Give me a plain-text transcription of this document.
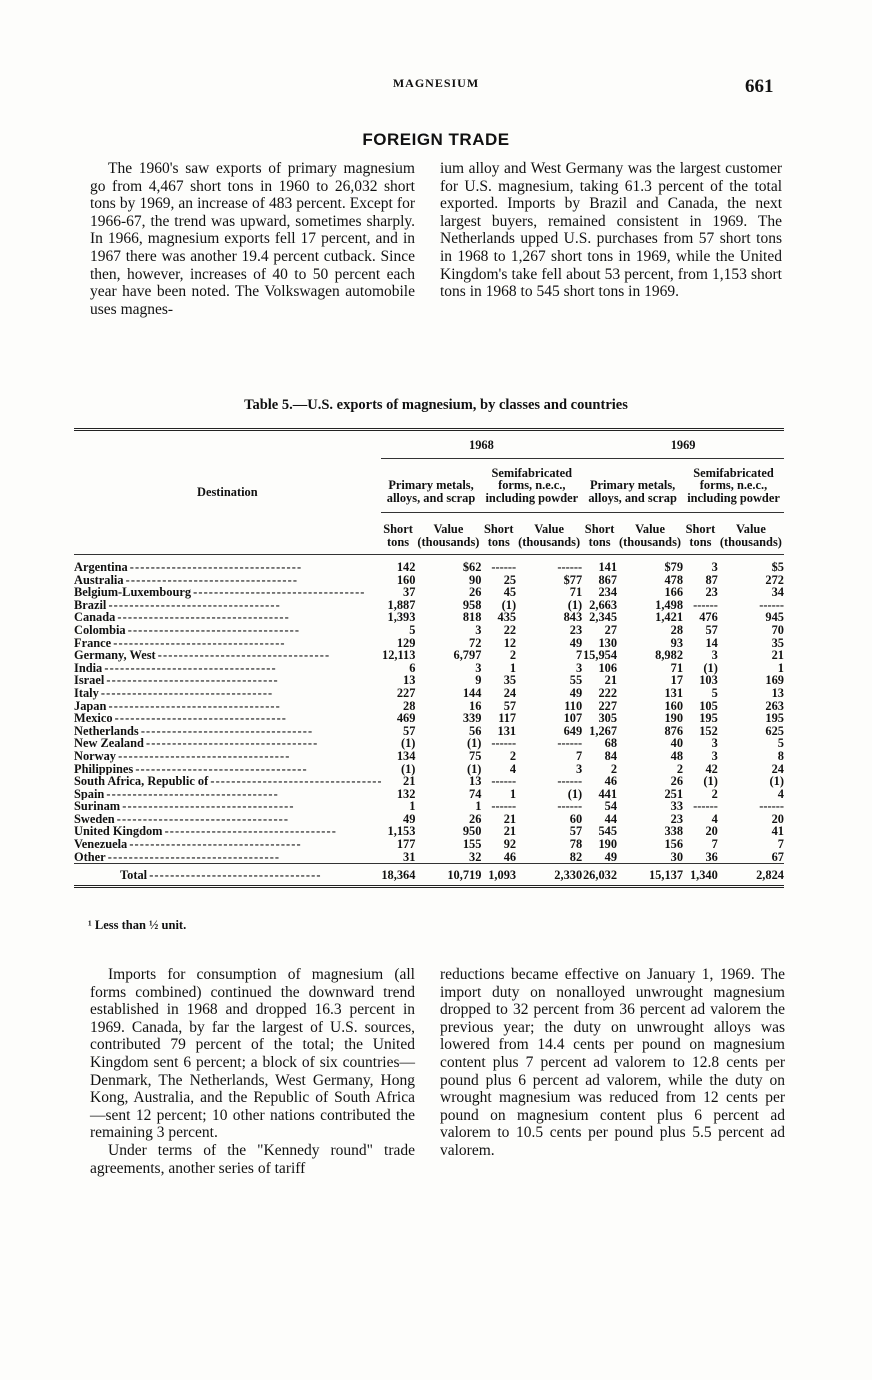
MAGNESIUM	661
FOREIGN TRADE

The 1960's saw exports of primary magnesium go from 4,467 short tons in 1960 to 26,032 short tons by 1969, an increase of 483 percent. Except for 1966-67, the trend was upward, sometimes sharply. In 1966, magnesium exports fell 17 percent, and in 1967 there was another 19.4 percent cutback. Since then, however, increases of 40 to 50 percent each year have been noted. The Volkswagen automobile uses magnes-

ium alloy and West Germany was the largest customer for U.S. magnesium, taking 61.3 percent of the total exported. Imports by Brazil and Canada, the next largest buyers, remained consistent in 1969. The Netherlands upped U.S. purchases from 57 short tons in 1968 to 1,267 short tons in 1969, while the United Kingdom's take fell about 53 percent, from 1,153 short tons in 1968 to 545 short tons in 1969.

Table 5.—U.S. exports of magnesium, by classes and countries
Destination	1968				1969			
	Primary metals, alloys, and scrap		Semifabricated forms, n.e.c., including powder		Primary metals, alloys, and scrap		Semifabricated forms, n.e.c., including powder	
	Short tons	Value (thousands)	Short tons	Value (thousands)	Short tons	Value (thousands)	Short tons	Value (thousands)
Argentina - - -	142	$62	------	------	141	$79	3	$5
Australia - - -	160	90	25	$77	867	478	87	272
Belgium-Luxembourg - - -	37	26	45	71	234	166	23	34
Brazil - - -	1,887	958	(1)	(1)	2,663	1,498	------	------
Canada - - -	1,393	818	435	843	2,345	1,421	476	945
Colombia - - -	5	3	22	23	27	28	57	70
France - - -	129	72	12	49	130	93	14	35
Germany, West - - -	12,113	6,797	2	7	15,954	8,982	3	21
India - - -	6	3	1	3	106	71	(1)	1
Israel - - -	13	9	35	55	21	17	103	169
Italy - - -	227	144	24	49	222	131	5	13
Japan - - -	28	16	57	110	227	160	105	263
Mexico - - -	469	339	117	107	305	190	195	195
Netherlands - - -	57	56	131	649	1,267	876	152	625
New Zealand - - -	(1)	(1)	------	------	68	40	3	5
Norway - - -	134	75	2	7	84	48	3	8
Philippines - - -	(1)	(1)	4	3	2	2	42	24
South Africa, Republic of - - -	21	13	------	------	46	26	(1)	(1)
Spain - - -	132	74	1	(1)	441	251	2	4
Surinam - - -	1	1	------	------	54	33	------	------
Sweden - - -	49	26	21	60	44	23	4	20
United Kingdom - - -	1,153	950	21	57	545	338	20	41
Venezuela - - -	177	155	92	78	190	156	7	7
Other - - -	31	32	46	82	49	30	36	67
Total - - -	18,364	10,719	1,093	2,330	26,032	15,137	1,340	2,824
¹ Less than ½ unit.

Imports for consumption of magnesium (all forms combined) continued the downward trend established in 1968 and dropped 16.3 percent in 1969. Canada, by far the largest of U.S. sources, contributed 79 percent of the total; the United Kingdom sent 6 percent; a block of six countries—Denmark, The Netherlands, West Germany, Hong Kong, Australia, and the Republic of South Africa—sent 12 percent; 10 other nations contributed the remaining 3 percent.

Under terms of the "Kennedy round" trade agreements, another series of tariff

reductions became effective on January 1, 1969. The import duty on nonalloyed unwrought magnesium dropped to 32 percent from 36 percent ad valorem the previous year; the duty on unwrought alloys was lowered from 14.4 cents per pound on magnesium content plus 7 percent ad valorem to 12.8 cents per pound plus 6 percent ad valorem, while the duty on wrought magnesium was reduced from 12 cents per pound on magnesium content plus 6 percent ad valorem to 10.5 cents per pound plus 5.5 percent ad valorem.
